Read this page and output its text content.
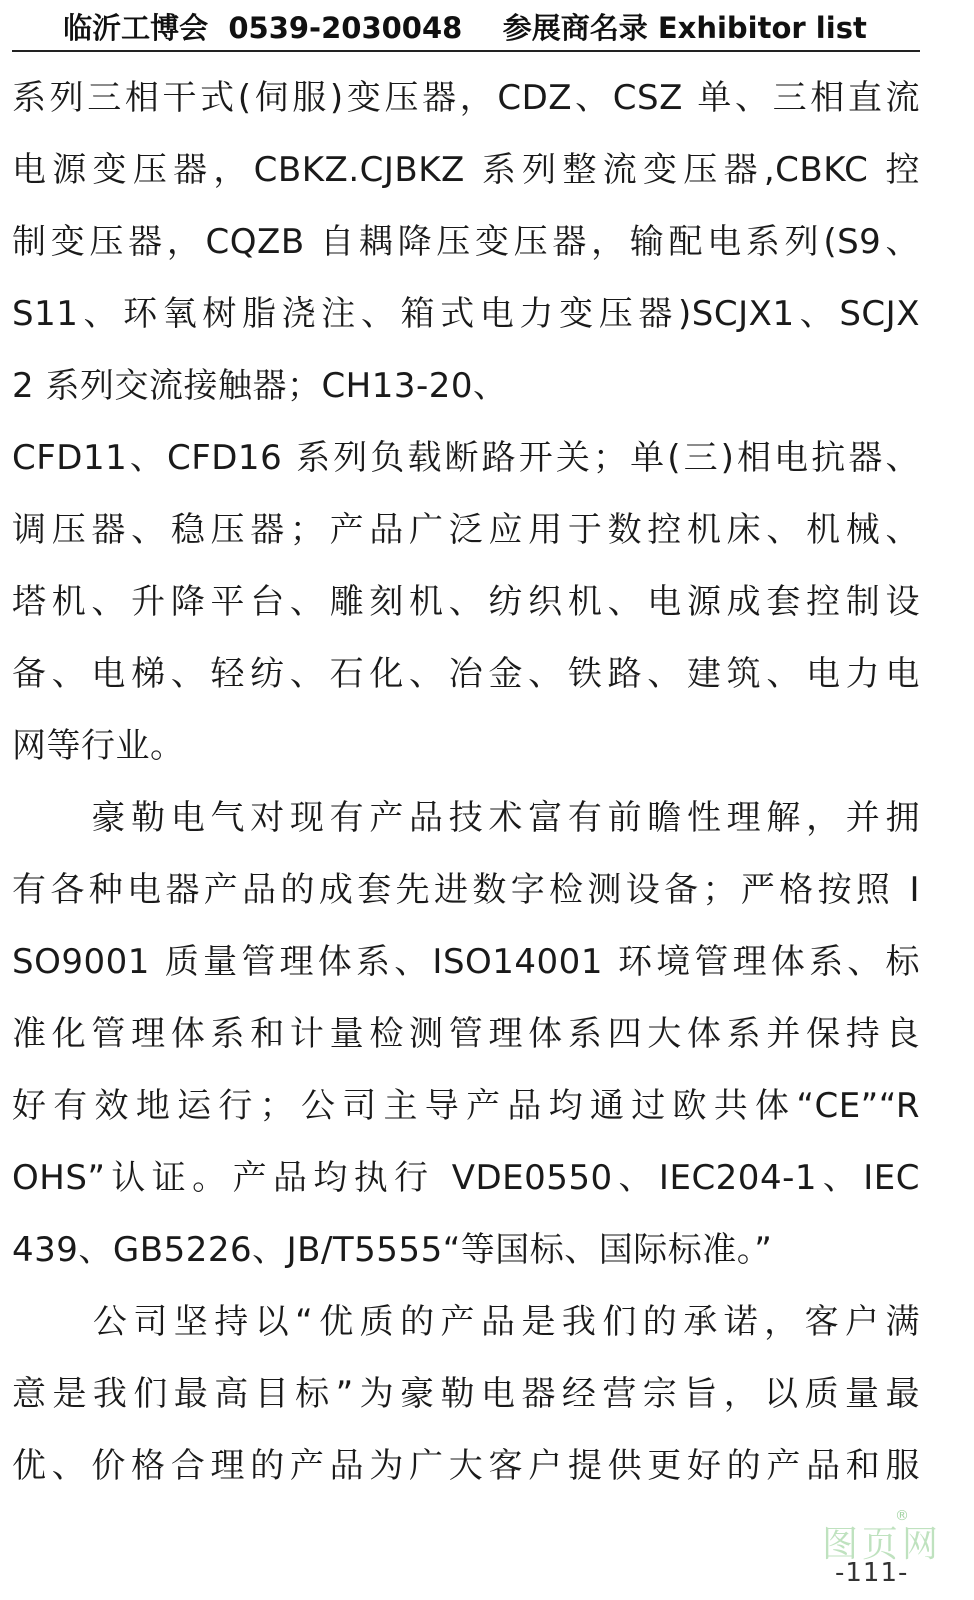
临沂工博会  0539-2030048    参展商名录 Exhibitor list
系列三相干式(伺服)变压器，CDZ、CSZ 单、三相直流
电源变压器，CBKZ.CJBKZ 系列整流变压器,CBKC 控
制变压器，CQZB 自耦降压变压器，输配电系列(S9、
S11、环氧树脂浇注、箱式电力变压器)SCJX1、SCJX
2 系列交流接触器；CH13-20、
CFD11、CFD16 系列负载断路开关；单(三)相电抗器、
调压器、稳压器；产品广泛应用于数控机床、机械、
塔机、升降平台、雕刻机、纺织机、电源成套控制设
备、电梯、轻纺、石化、冶金、铁路、建筑、电力电
网等行业。
　　豪勒电气对现有产品技术富有前瞻性理解，并拥
有各种电器产品的成套先进数字检测设备；严格按照 I
SO9001 质量管理体系、ISO14001 环境管理体系、标
准化管理体系和计量检测管理体系四大体系并保持良
好有效地运行；公司主导产品均通过欧共体“CE”“R
OHS”认证。产品均执行 VDE0550、IEC204-1、IEC
439、GB5226、JB/T5555“等国标、国际标准。”
　　公司坚持以“优质的产品是我们的承诺，客户满
意是我们最高目标”为豪勒电器经营宗旨，以质量最
优、价格合理的产品为广大客户提供更好的产品和服
图页网
®
-111-
